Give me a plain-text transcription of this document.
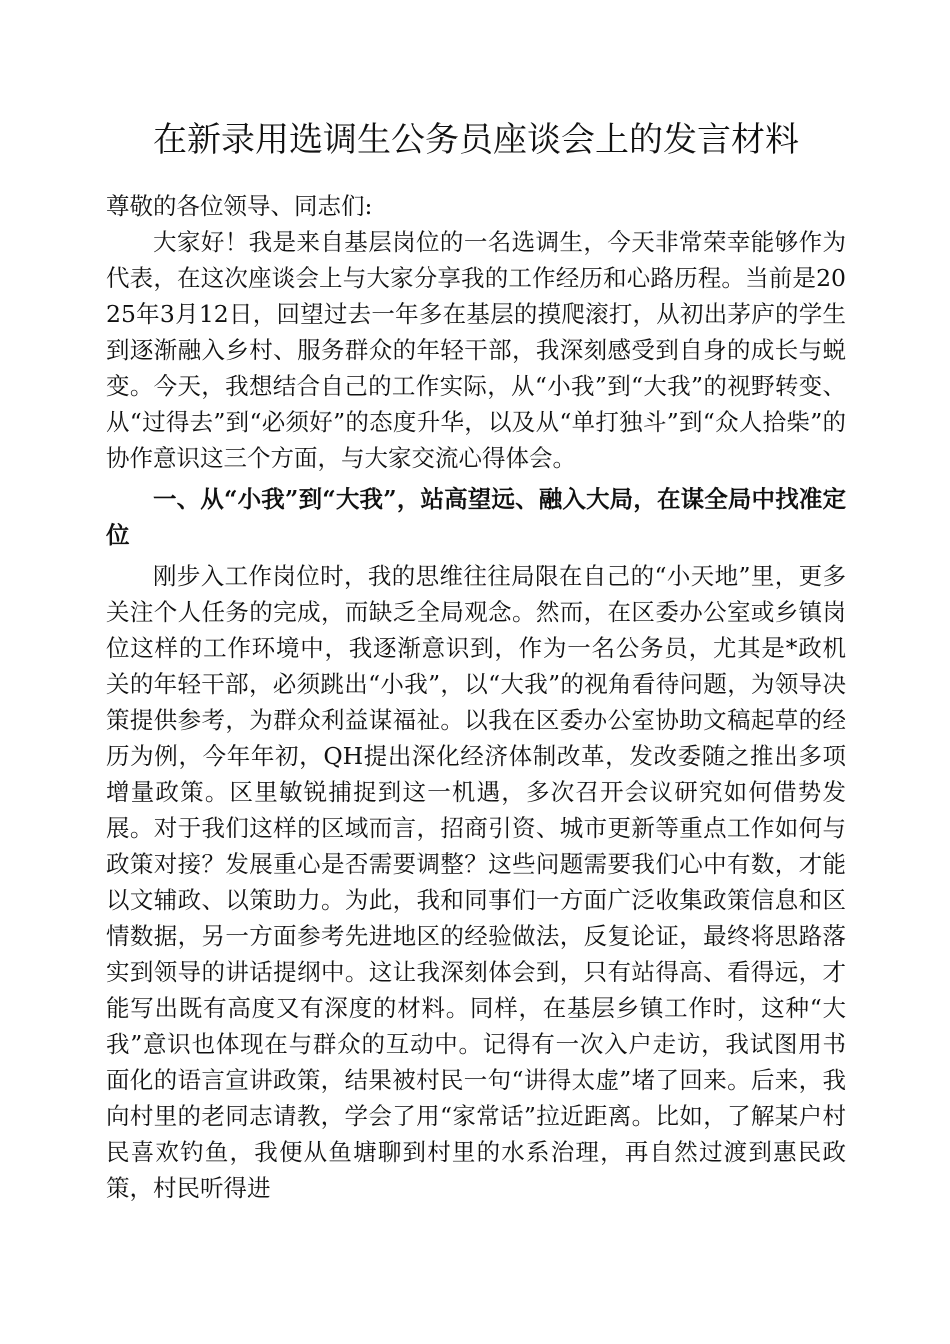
在新录用选调生公务员座谈会上的发言材料

尊敬的各位领导、同志们:

大家好！我是来自基层岗位的一名选调生，今天非常荣幸能够作为代表，在这次座谈会上与大家分享我的工作经历和心路历程。当前是2025年3月12日，回望过去一年多在基层的摸爬滚打，从初出茅庐的学生到逐渐融入乡村、服务群众的年轻干部，我深刻感受到自身的成长与蜕变。今天，我想结合自己的工作实际，从“小我”到“大我”的视野转变、从“过得去”到“必须好”的态度升华，以及从“单打独斗”到“众人拾柴”的协作意识这三个方面，与大家交流心得体会。

一、从“小我”到“大我”，站高望远、融入大局，在谋全局中找准定位

刚步入工作岗位时，我的思维往往局限在自己的“小天地”里，更多关注个人任务的完成，而缺乏全局观念。然而，在区委办公室或乡镇岗位这样的工作环境中，我逐渐意识到，作为一名公务员，尤其是*政机关的年轻干部，必须跳出“小我”，以“大我”的视角看待问题，为领导决策提供参考，为群众利益谋福祉。以我在区委办公室协助文稿起草的经历为例，今年年初，QH提出深化经济体制改革，发改委随之推出多项增量政策。区里敏锐捕捉到这一机遇，多次召开会议研究如何借势发展。对于我们这样的区域而言，招商引资、城市更新等重点工作如何与政策对接？发展重心是否需要调整？这些问题需要我们心中有数，才能以文辅政、以策助力。为此，我和同事们一方面广泛收集政策信息和区情数据，另一方面参考先进地区的经验做法，反复论证，最终将思路落实到领导的讲话提纲中。这让我深刻体会到，只有站得高、看得远，才能写出既有高度又有深度的材料。同样，在基层乡镇工作时，这种“大我”意识也体现在与群众的互动中。记得有一次入户走访，我试图用书面化的语言宣讲政策，结果被村民一句“讲得太虚”堵了回来。后来，我向村里的老同志请教，学会了用“家常话”拉近距离。比如，了解某户村民喜欢钓鱼，我便从鱼塘聊到村里的水系治理，再自然过渡到惠民政策，村民听得进
